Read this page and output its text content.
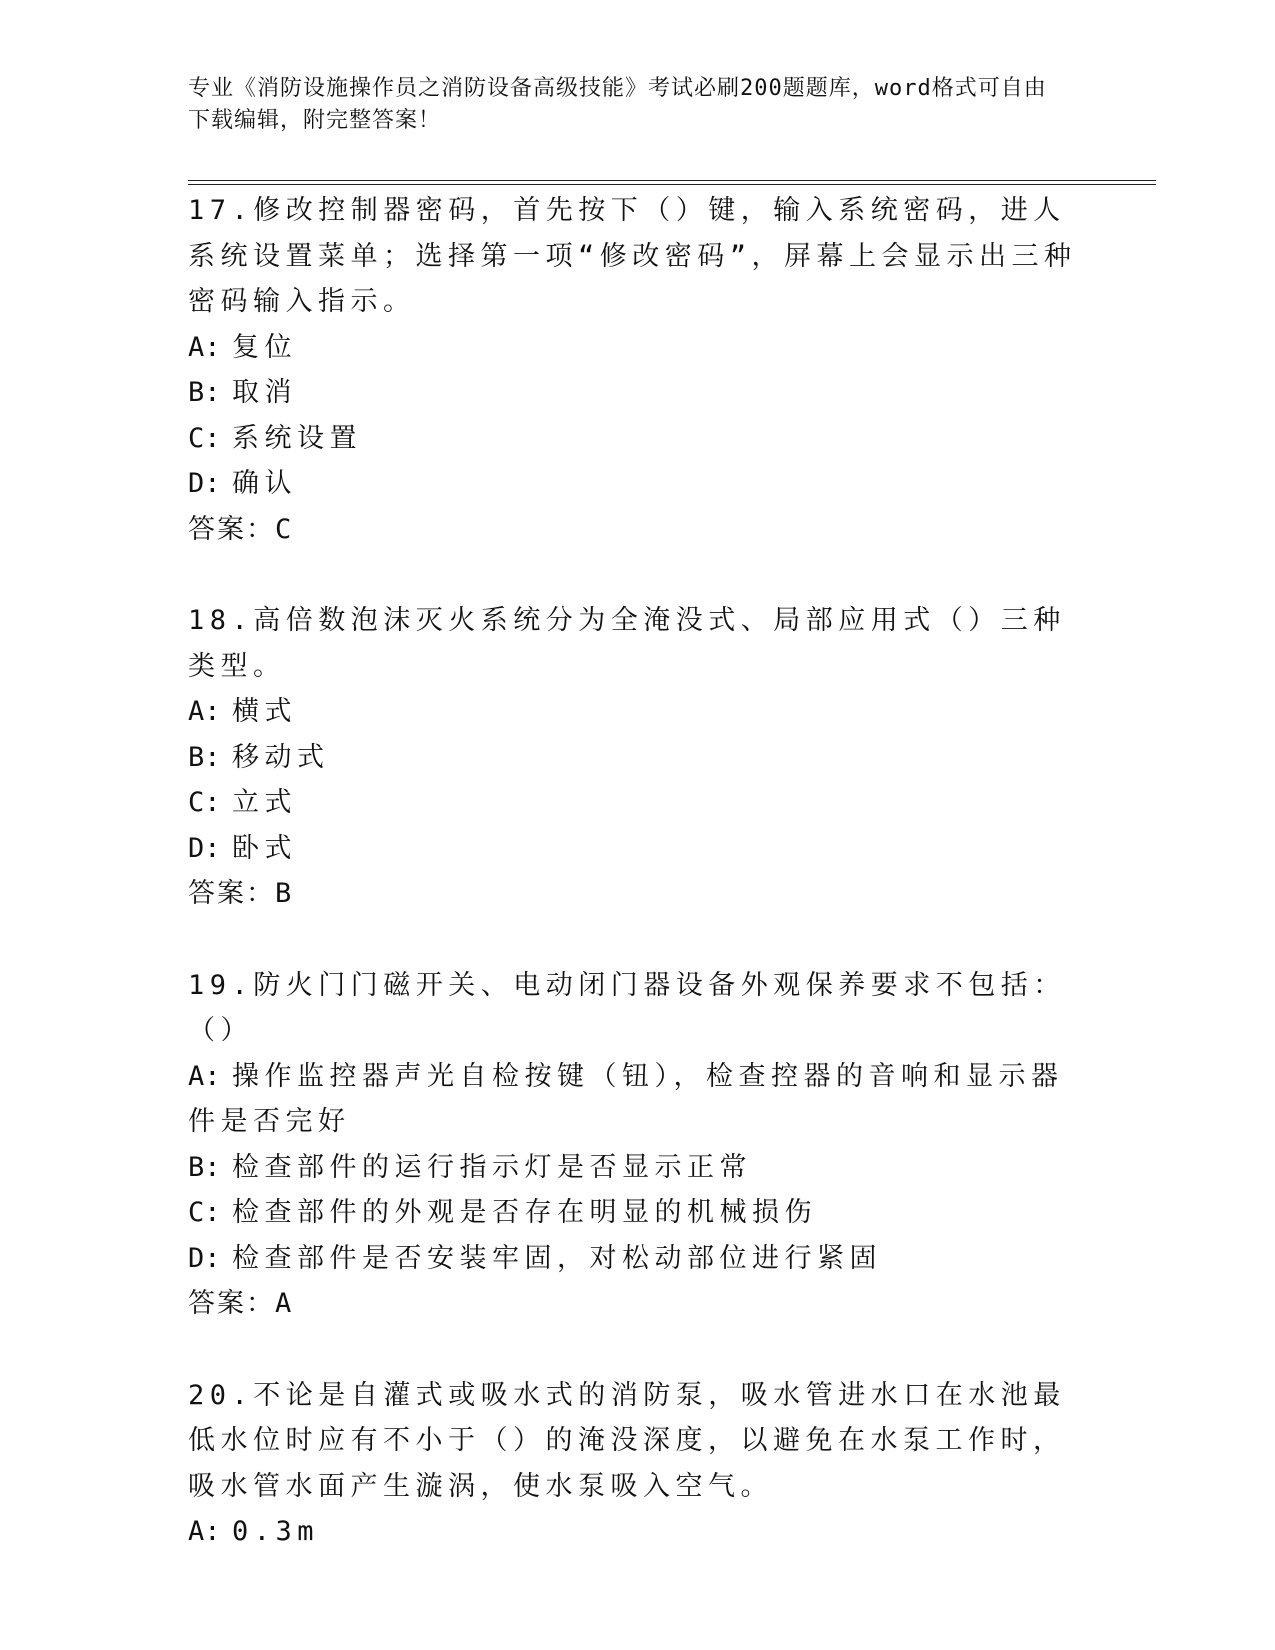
专业《消防设施操作员之消防设备高级技能》考试必刷200题题库，word格式可自由下载编辑，附完整答案！

17.修改控制器密码，首先按下（）键，输入系统密码，进人系统设置菜单；选择第一项“修改密码”，屏幕上会显示出三种密码输入指示。

A: 复位

B: 取消

C: 系统设置

D: 确认

答案：C

18.高倍数泡沫灭火系统分为全淹没式、局部应用式（）三种类型。

A: 横式

B: 移动式

C: 立式

D: 卧式

答案：B

19.防火门门磁开关、电动闭门器设备外观保养要求不包括：（）

A: 操作监控器声光自检按键（钮），检查控器的音响和显示器件是否完好

B: 检查部件的运行指示灯是否显示正常

C: 检查部件的外观是否存在明显的机械损伤

D: 检查部件是否安装牢固，对松动部位进行紧固

答案：A

20.不论是自灌式或吸水式的消防泵，吸水管进水口在水池最低水位时应有不小于（）的淹没深度，以避免在水泵工作时，吸水管水面产生漩涡，使水泵吸入空气。

A: 0.3m
